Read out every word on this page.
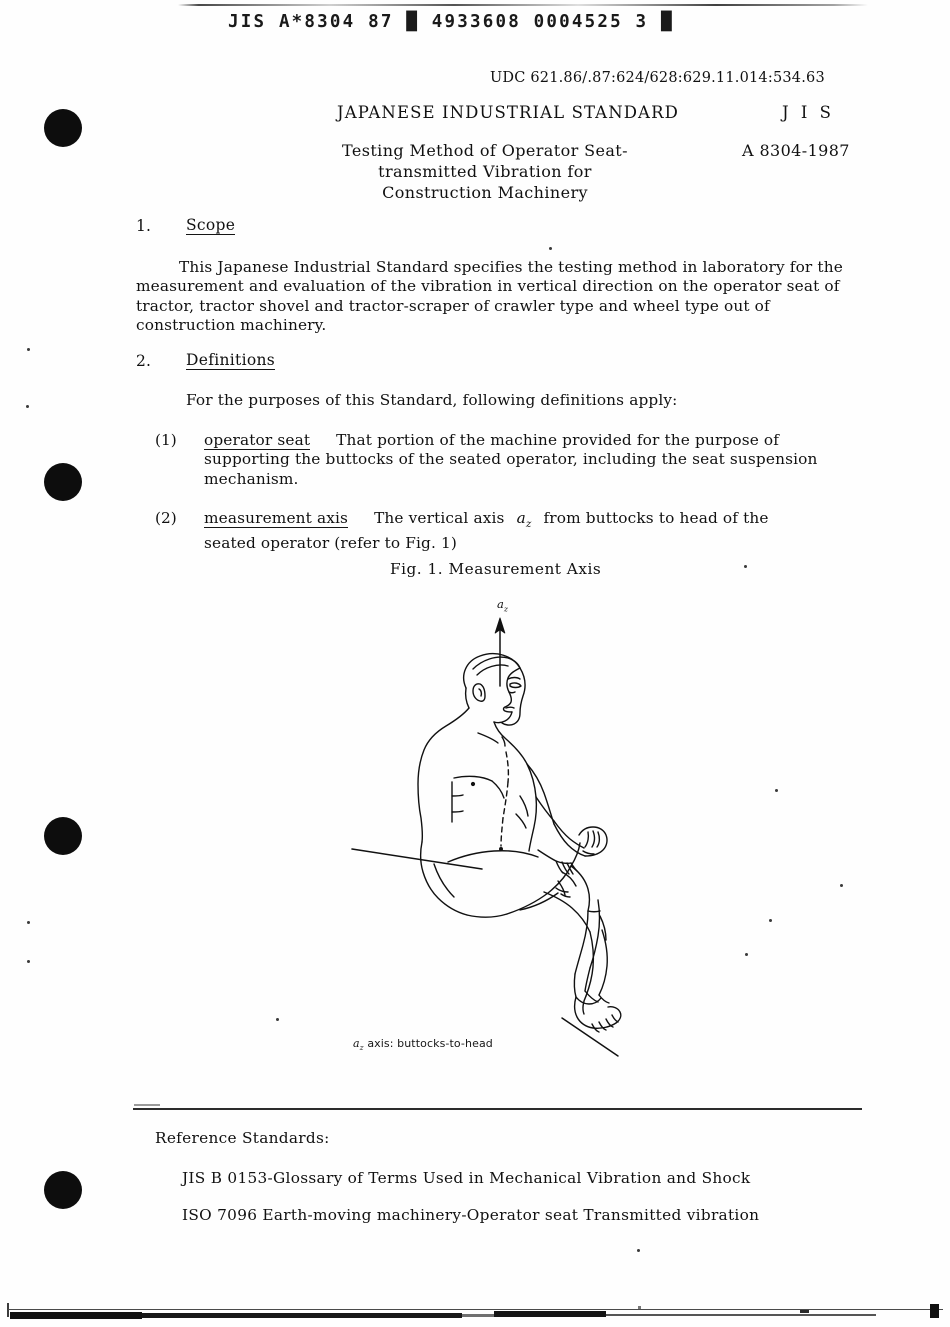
JIS A*8304 87 █ 4933608 0004525 3 █
UDC 621.86/.87:624/628:629.11.014:534.63
JAPANESE INDUSTRIAL STANDARD	J I S
Testing Method of Operator Seat-
transmitted Vibration for
Construction Machinery
A 8304-1987
1. Scope
This Japanese Industrial Standard specifies the testing method in laboratory for the measurement and evaluation of the vibration in vertical direction on the operator seat of tractor, tractor shovel and tractor-scraper of crawler type and wheel type out of construction machinery.
2. Definitions
For the purposes of this Standard, following definitions apply:
(1) operator seat That portion of the machine provided for the purpose of
supporting the buttocks of the seated operator, including the seat suspension
mechanism.
(2) measurement axis The vertical axis $a_z$ from buttocks to head of the
seated operator (refer to Fig. 1)
Fig. 1. Measurement Axis
$a_z$
$a_z$ axis: buttocks-to-head
Reference Standards:
JIS B 0153-Glossary of Terms Used in Mechanical Vibration and Shock
ISO 7096 Earth-moving machinery-Operator seat Transmitted vibration
